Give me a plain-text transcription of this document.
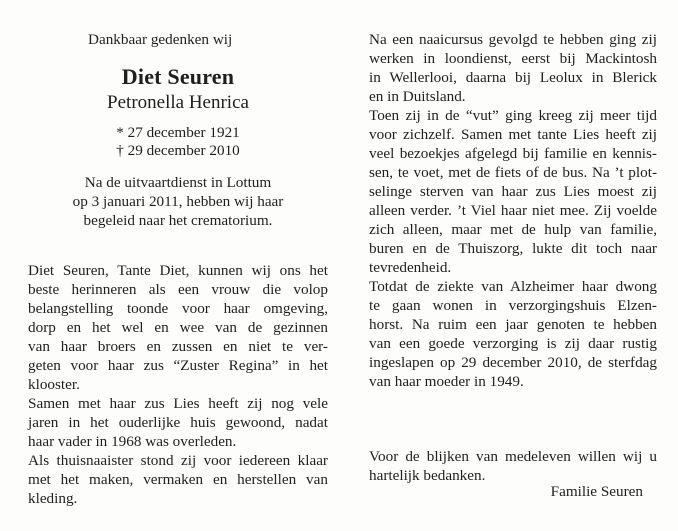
Dankbaar gedenken wij
Diet Seuren
Petronella Henrica
* 27 december 1921
† 29 december 2010
Na de uitvaartdienst in Lottum
op 3 januari 2011, hebben wij haar
begeleid naar het crematorium.
Diet Seuren, Tante Diet, kunnen wij ons het
beste herinneren als een vrouw die volop
belangstelling toonde voor haar omgeving,
dorp en het wel en wee van de gezinnen
van haar broers en zussen en niet te ver-
geten voor haar zus “Zuster Regina” in het
klooster.
Samen met haar zus Lies heeft zij nog vele
jaren in het ouderlijke huis gewoond, nadat
haar vader in 1968 was overleden.
Als thuisnaaister stond zij voor iedereen klaar
met het maken, vermaken en herstellen van
kleding.
Na een naaicursus gevolgd te hebben ging zij
werken in loondienst, eerst bij Mackintosh
in Wellerlooi, daarna bij Leolux in Blerick
en in Duitsland.
Toen zij in de “vut” ging kreeg zij meer tijd
voor zichzelf. Samen met tante Lies heeft zij
veel bezoekjes afgelegd bij familie en kennis-
sen, te voet, met de fiets of de bus. Na ’t plot-
selinge sterven van haar zus Lies moest zij
alleen verder. ’t Viel haar niet mee. Zij voelde
zich alleen, maar met de hulp van familie,
buren en de Thuiszorg, lukte dit toch naar
tevredenheid.
Totdat de ziekte van Alzheimer haar dwong
te gaan wonen in verzorgingshuis Elzen-
horst. Na ruim een jaar genoten te hebben
van een goede verzorging is zij daar rustig
ingeslapen op 29 december 2010, de sterfdag
van haar moeder in 1949.
Voor de blijken van medeleven willen wij u
hartelijk bedanken.
Familie Seuren
